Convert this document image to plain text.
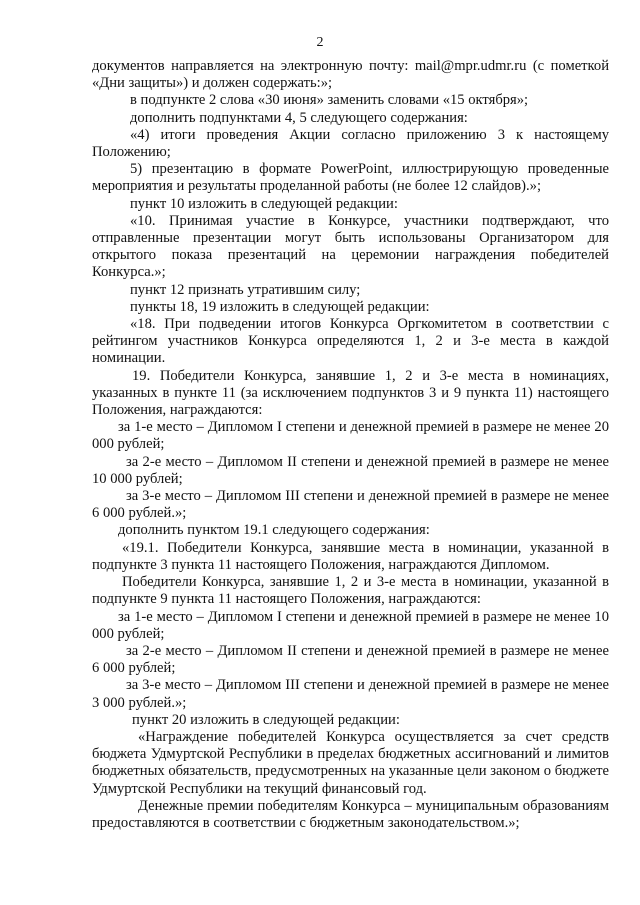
2

документов направляется на электронную почту: mail@mpr.udmr.ru (с пометкой «Дни защиты») и должен содержать:»;

в подпункте 2 слова «30 июня» заменить словами «15 октября»;

дополнить подпунктами 4, 5 следующего содержания:

«4) итоги проведения Акции согласно приложению 3 к настоящему Положению;

5) презентацию в формате PowerPoint, иллюстрирующую проведенные мероприятия и результаты проделанной работы (не более 12 слайдов).»;

пункт 10 изложить в следующей редакции:

«10. Принимая участие в Конкурсе, участники подтверждают, что отправленные презентации могут быть использованы Организатором для открытого показа презентаций на церемонии награждения победителей Конкурса.»;

пункт 12 признать утратившим силу;

пункты 18, 19 изложить в следующей редакции:

«18. При подведении итогов Конкурса Оргкомитетом в соответствии с рейтингом участников Конкурса определяются 1, 2 и 3-е места в каждой номинации.

19. Победители Конкурса, занявшие 1, 2 и 3-е места в номинациях, указанных в пункте 11 (за исключением подпунктов 3 и 9 пункта 11) настоящего Положения, награждаются:

за 1-е место – Дипломом I степени и денежной премией в размере не менее 20 000 рублей;

за 2-е место – Дипломом II степени и денежной премией в размере не менее 10 000 рублей;

за 3-е место – Дипломом III степени и денежной премией в размере не менее 6 000 рублей.»;

дополнить пунктом 19.1 следующего содержания:

«19.1. Победители Конкурса, занявшие места в номинации, указанной в подпункте 3 пункта 11 настоящего Положения, награждаются Дипломом.

Победители Конкурса, занявшие 1, 2 и 3-е места в номинации, указанной в подпункте 9 пункта 11 настоящего Положения, награждаются:

за 1-е место – Дипломом I степени и денежной премией в размере не менее 10 000 рублей;

за 2-е место – Дипломом II степени и денежной премией в размере не менее 6 000 рублей;

за 3-е место – Дипломом III степени и денежной премией в размере не менее 3 000 рублей.»;

пункт 20 изложить в следующей редакции:

«Награждение победителей Конкурса осуществляется за счет средств бюджета Удмуртской Республики в пределах бюджетных ассигнований и лимитов бюджетных обязательств, предусмотренных на указанные цели законом о бюджете Удмуртской Республики на текущий финансовый год.

Денежные премии победителям Конкурса – муниципальным образованиям предоставляются в соответствии с бюджетным законодательством.»;
